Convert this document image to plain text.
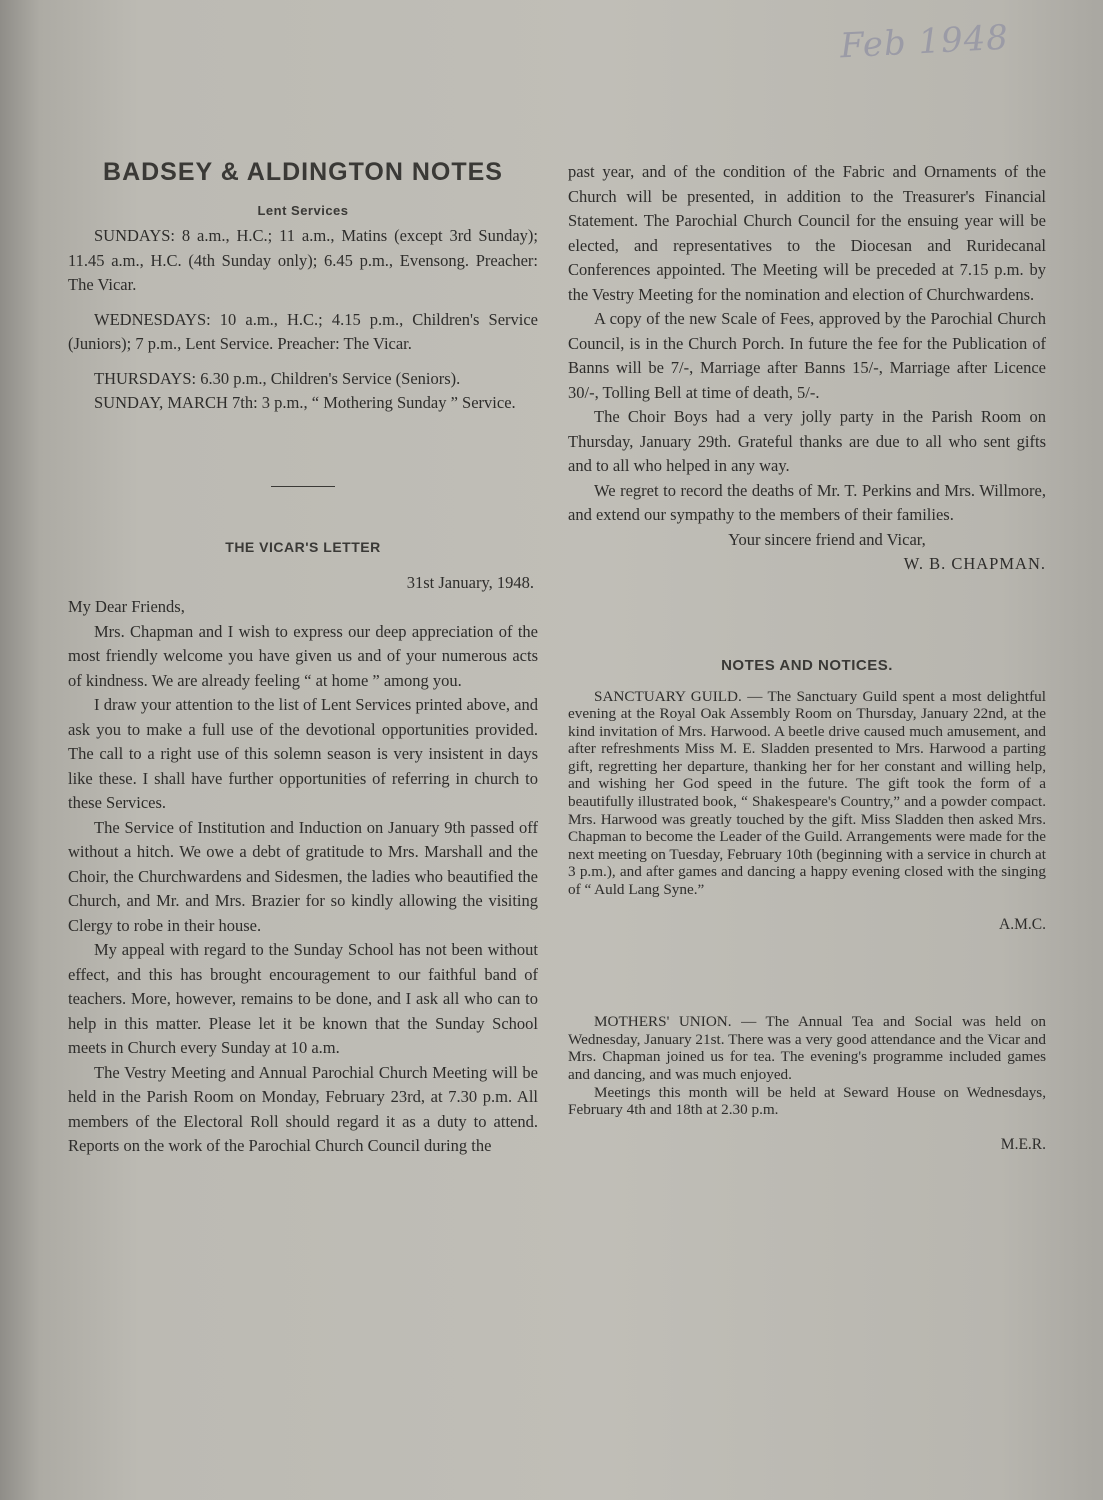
Feb 1948
BADSEY & ALDINGTON NOTES
Lent Services

SUNDAYS: 8 a.m., H.C.; 11 a.m., Matins (except 3rd Sunday); 11.45 a.m., H.C. (4th Sunday only); 6.45 p.m., Evensong. Preacher: The Vicar.

WEDNESDAYS: 10 a.m., H.C.; 4.15 p.m., Children's Service (Juniors); 7 p.m., Lent Service. Preacher: The Vicar.

THURSDAYS: 6.30 p.m., Children's Service (Seniors).

SUNDAY, MARCH 7th: 3 p.m., “ Mothering Sunday ” Service.

THE VICAR'S LETTER

31st January, 1948.

My Dear Friends,

Mrs. Chapman and I wish to express our deep appreciation of the most friendly welcome you have given us and of your numerous acts of kindness. We are already feeling “ at home ” among you.

I draw your attention to the list of Lent Services printed above, and ask you to make a full use of the devotional opportunities provided. The call to a right use of this solemn season is very insistent in days like these. I shall have further opportunities of referring in church to these Services.

The Service of Institution and Induction on January 9th passed off without a hitch. We owe a debt of gratitude to Mrs. Marshall and the Choir, the Churchwardens and Sidesmen, the ladies who beautified the Church, and Mr. and Mrs. Brazier for so kindly allowing the visiting Clergy to robe in their house.

My appeal with regard to the Sunday School has not been without effect, and this has brought encouragement to our faithful band of teachers. More, however, remains to be done, and I ask all who can to help in this matter. Please let it be known that the Sunday School meets in Church every Sunday at 10 a.m.

The Vestry Meeting and Annual Parochial Church Meeting will be held in the Parish Room on Monday, February 23rd, at 7.30 p.m. All members of the Electoral Roll should regard it as a duty to attend. Reports on the work of the Parochial Church Council during the

past year, and of the condition of the Fabric and Ornaments of the Church will be presented, in addition to the Treasurer's Financial Statement. The Parochial Church Council for the ensuing year will be elected, and representatives to the Diocesan and Ruridecanal Conferences appointed. The Meeting will be preceded at 7.15 p.m. by the Vestry Meeting for the nomination and election of Churchwardens.

A copy of the new Scale of Fees, approved by the Parochial Church Council, is in the Church Porch. In future the fee for the Publication of Banns will be 7/-, Marriage after Banns 15/-, Marriage after Licence 30/-, Tolling Bell at time of death, 5/-.

The Choir Boys had a very jolly party in the Parish Room on Thursday, January 29th. Grateful thanks are due to all who sent gifts and to all who helped in any way.

We regret to record the deaths of Mr. T. Perkins and Mrs. Willmore, and extend our sympathy to the members of their families.

Your sincere friend and Vicar,

W. B. CHAPMAN.

NOTES AND NOTICES.

SANCTUARY GUILD. — The Sanctuary Guild spent a most delightful evening at the Royal Oak Assembly Room on Thursday, January 22nd, at the kind invitation of Mrs. Harwood. A beetle drive caused much amusement, and after refreshments Miss M. E. Sladden presented to Mrs. Harwood a parting gift, regretting her departure, thanking her for her constant and willing help, and wishing her God speed in the future. The gift took the form of a beautifully illustrated book, “ Shakespeare's Country,” and a powder compact. Mrs. Harwood was greatly touched by the gift. Miss Sladden then asked Mrs. Chapman to become the Leader of the Guild. Arrangements were made for the next meeting on Tuesday, February 10th (beginning with a service in church at 3 p.m.), and after games and dancing a happy evening closed with the singing of “ Auld Lang Syne.”

A.M.C.

MOTHERS' UNION. — The Annual Tea and Social was held on Wednesday, January 21st. There was a very good attendance and the Vicar and Mrs. Chapman joined us for tea. The evening's programme included games and dancing, and was much enjoyed.

Meetings this month will be held at Seward House on Wednesdays, February 4th and 18th at 2.30 p.m.

M.E.R.
